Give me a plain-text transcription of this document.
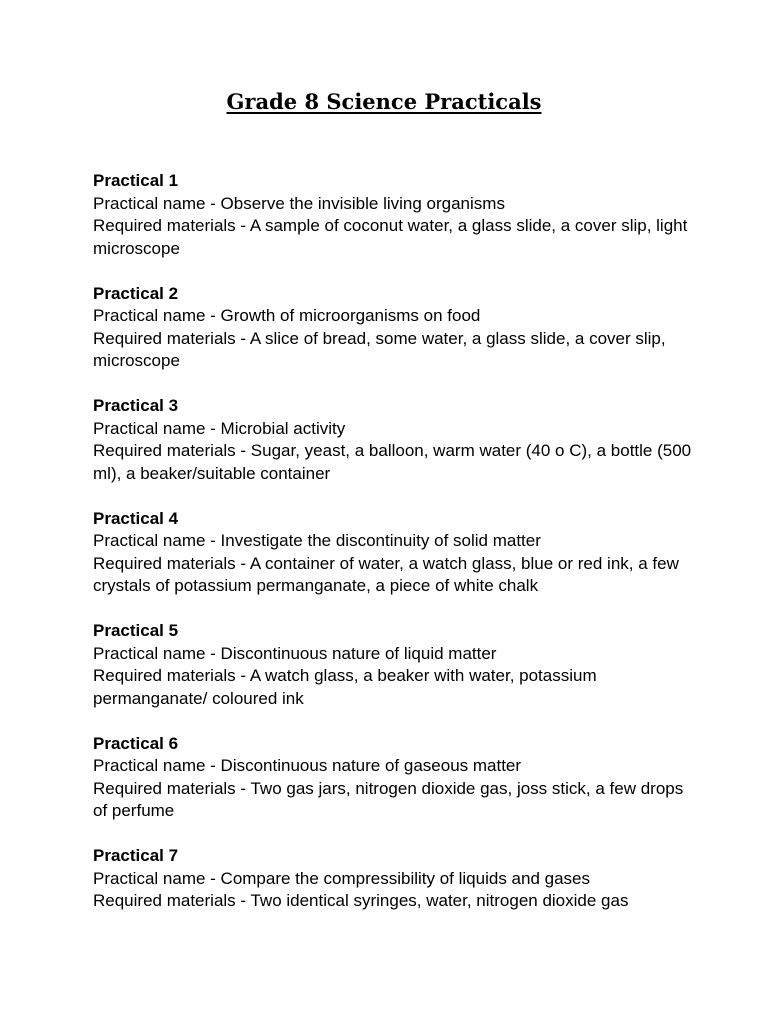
Grade 8 Science Practicals

Practical 1

Practical name - Observe the invisible living organisms

Required materials - A sample of coconut water, a glass slide, a cover slip, light microscope

Practical 2

Practical name - Growth of microorganisms on food

Required materials - A slice of bread, some water, a glass slide, a cover slip, microscope

Practical 3

Practical name - Microbial activity

Required materials - Sugar, yeast, a balloon, warm water (40 o C), a bottle (500 ml), a beaker/suitable container

Practical 4

Practical name - Investigate the discontinuity of solid matter

Required materials - A container of water, a watch glass, blue or red ink, a few crystals of potassium permanganate, a piece of white chalk

Practical 5

Practical name - Discontinuous nature of liquid matter

Required materials - A watch glass, a beaker with water, potassium permanganate/ coloured ink

Practical 6

Practical name - Discontinuous nature of gaseous matter

Required materials - Two gas jars, nitrogen dioxide gas, joss stick, a few drops of perfume

Practical 7

Practical name - Compare the compressibility of liquids and gases

Required materials - Two identical syringes, water, nitrogen dioxide gas
